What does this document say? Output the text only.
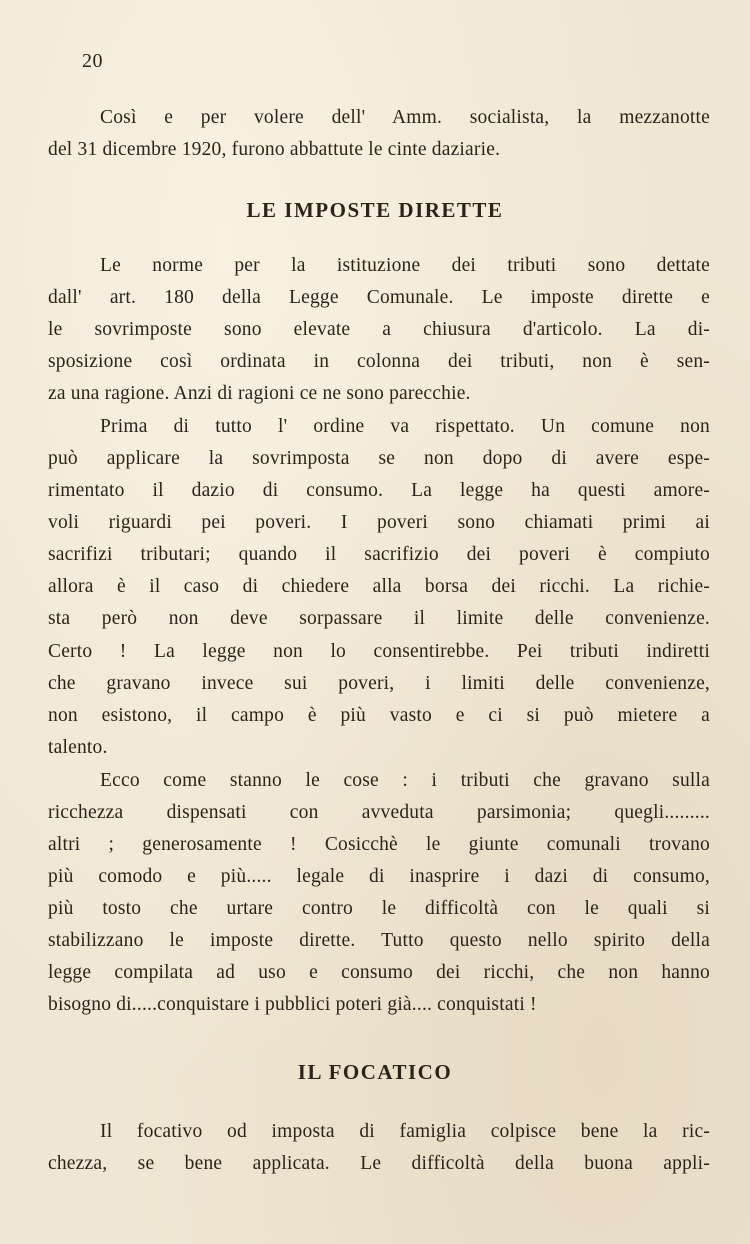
20
Così e per volere dell' Amm. socialista, la mezzanotte
del 31 dicembre 1920, furono abbattute le cinte daziarie.
LE IMPOSTE DIRETTE
Le norme per la istituzione dei tributi sono dettate
dall' art. 180 della Legge Comunale. Le imposte dirette e
le sovrimposte sono elevate a chiusura d'articolo. La di-
sposizione così ordinata in colonna dei tributi, non è sen-
za una ragione. Anzi di ragioni ce ne sono parecchie.
Prima di tutto l' ordine va rispettato. Un comune non
può applicare la sovrimposta se non dopo di avere espe-
rimentato il dazio di consumo. La legge ha questi amore-
voli riguardi pei poveri. I poveri sono chiamati primi ai
sacrifizi tributari; quando il sacrifizio dei poveri è compiuto
allora è il caso di chiedere alla borsa dei ricchi. La richie-
sta però non deve sorpassare il limite delle convenienze.
Certo ! La legge non lo consentirebbe. Pei tributi indiretti
che gravano invece sui poveri, i limiti delle convenienze,
non esistono, il campo è più vasto e ci si può mietere a
talento.
Ecco come stanno le cose : i tributi che gravano sulla
ricchezza dispensati con avveduta parsimonia; quegli.........
altri ; generosamente ! Cosicchè le giunte comunali trovano
più comodo e più..... legale di inasprire i dazi di consumo,
più tosto che urtare contro le difficoltà con le quali si
stabilizzano le imposte dirette. Tutto questo nello spirito della
legge compilata ad uso e consumo dei ricchi, che non hanno
bisogno di.....conquistare i pubblici poteri già.... conquistati !
IL FOCATICO
Il focativo od imposta di famiglia colpisce bene la ric-
chezza, se bene applicata. Le difficoltà della buona appli-
